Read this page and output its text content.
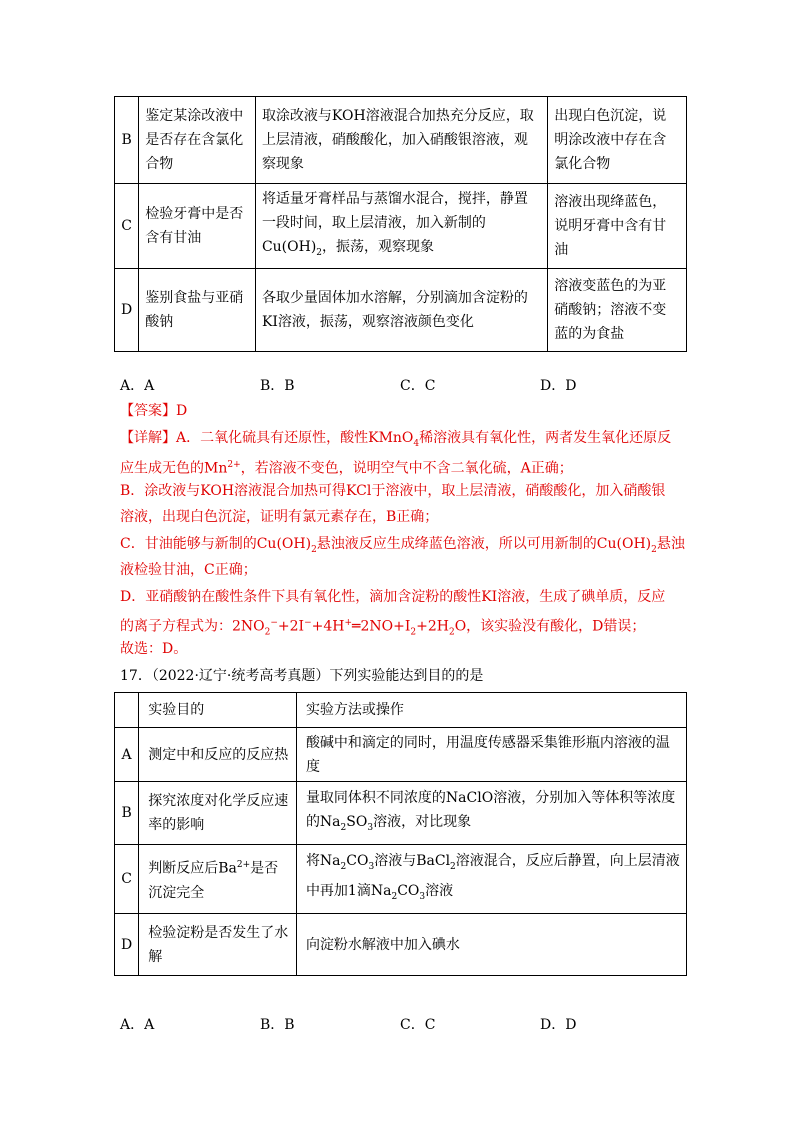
B	鉴定某涂改液中是否存在含氯化合物	取涂改液与KOH溶液混合加热充分反应，取上层清液，硝酸酸化，加入硝酸银溶液，观察现象	出现白色沉淀，说明涂改液中存在含氯化合物
C	检验牙膏中是否含有甘油	将适量牙膏样品与蒸馏水混合，搅拌，静置一段时间，取上层清液，加入新制的$Cu(OH)_2$，振荡，观察现象	溶液出现绛蓝色，说明牙膏中含有甘油
D	鉴别食盐与亚硝酸钠	各取少量固体加水溶解，分别滴加含淀粉的KI溶液，振荡，观察溶液颜色变化	溶液变蓝色的为亚硝酸钠；溶液不变蓝的为食盐
A．A	B．B	C．C	D．D
【答案】D
【详解】A．二氧化硫具有还原性，酸性KMnO$_4$稀溶液具有氧化性，两者发生氧化还原反
应生成无色的$Mn^{2+}$，若溶液不变色，说明空气中不含二氧化硫，A正确；
B．涂改液与KOH溶液混合加热可得KCl于溶液中，取上层清液，硝酸酸化，加入硝酸银
溶液，出现白色沉淀，证明有氯元素存在，B正确；
C．甘油能够与新制的$Cu(OH)_2$悬浊液反应生成绛蓝色溶液，所以可用新制的$Cu(OH)_2$悬浊
液检验甘油，C正确；
D．亚硝酸钠在酸性条件下具有氧化性，滴加含淀粉的酸性KI溶液，生成了碘单质，反应
的离子方程式为：$2NO_2^-+2I^-+4H^+═2NO+I_2+2H_2O$，该实验没有酸化，D错误；
故选：D。
17．（2022·辽宁·统考高考真题）下列实验能达到目的的是
	实验目的	实验方法或操作
A	测定中和反应的反应热	酸碱中和滴定的同时，用温度传感器采集锥形瓶内溶液的温度
B	探究浓度对化学反应速率的影响	量取同体积不同浓度的NaClO溶液，分别加入等体积等浓度的$Na_2SO_3$溶液，对比现象
C	判断反应后$Ba^{2+}$是否沉淀完全	将$Na_2CO_3$溶液与BaCl$_2$溶液混合，反应后静置，向上层清液中再加1滴$Na_2CO_3$溶液
D	检验淀粉是否发生了水解	向淀粉水解液中加入碘水
A．A	B．B	C．C	D．D
